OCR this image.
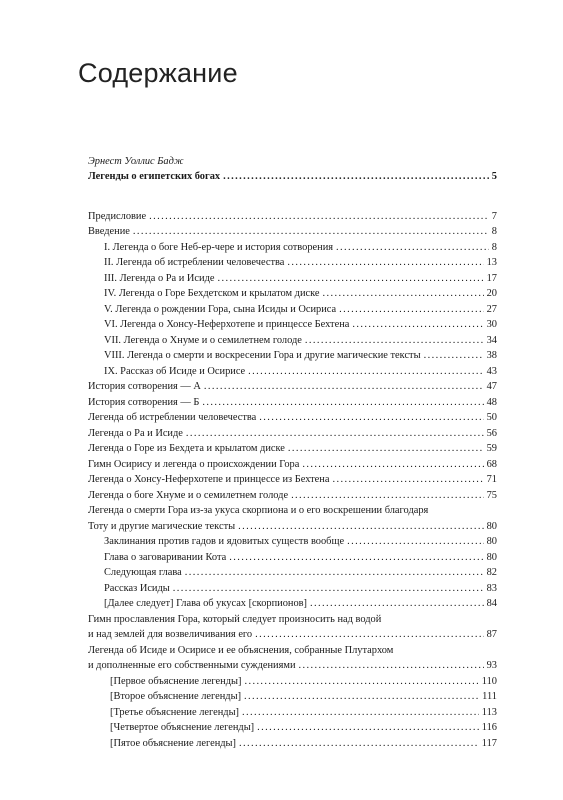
Содержание
Эрнест Уоллис Бадж
Легенды о египетских богах . . .	5
Предисловие . . .	7
Введение . . .	8
I. Легенда о боге Неб-ер-чере и история сотворения . . .	8
II. Легенда об истреблении человечества . . .	13
III. Легенда о Ра и Исиде . . .	17
IV. Легенда о Горе Бехдетском и крылатом диске . . .	20
V. Легенда о рождении Гора, сына Исиды и Осириса . . .	27
VI. Легенда о Хонсу-Неферхотепе и принцессе Бехтена . . .	30
VII. Легенда о Хнуме и о семилетнем голоде . . .	34
VIII. Легенда о смерти и воскресении Гора и другие магические тексты . . .	38
IX. Рассказ об Исиде и Осирисе . . .	43
История сотворения — А . . .	47
История сотворения — Б . . .	48
Легенда об истреблении человечества . . .	50
Легенда о Ра и Исиде . . .	56
Легенда о Горе из Бехдета и крылатом диске . . .	59
Гимн Осирису и легенда о происхождении Гора . . .	68
Легенда о Хонсу-Неферхотепе и принцессе из Бехтена . . .	71
Легенда о боге Хнуме и о семилетнем голоде . . .	75
Легенда о смерти Гора из-за укуса скорпиона и о его воскрешении благодаря
Тоту и другие магические тексты . . .	80
Заклинания против гадов и ядовитых существ вообще . . .	80
Глава о заговаривании Кота . . .	80
Следующая глава . . .	82
Рассказ Исиды . . .	83
[Далее следует] Глава об укусах [скорпионов] . . .	84
Гимн прославления Гора, который следует произносить над водой
и над землей для возвеличивания его . . .	87
Легенда об Исиде и Осирисе и ее объяснения, собранные Плутархом
и дополненные его собственными суждениями . . .	93
[Первое объяснение легенды] . . .	110
[Второе объяснение легенды] . . .	111
[Третье объяснение легенды] . . .	113
[Четвертое объяснение легенды] . . .	116
[Пятое объяснение легенды] . . .	117
